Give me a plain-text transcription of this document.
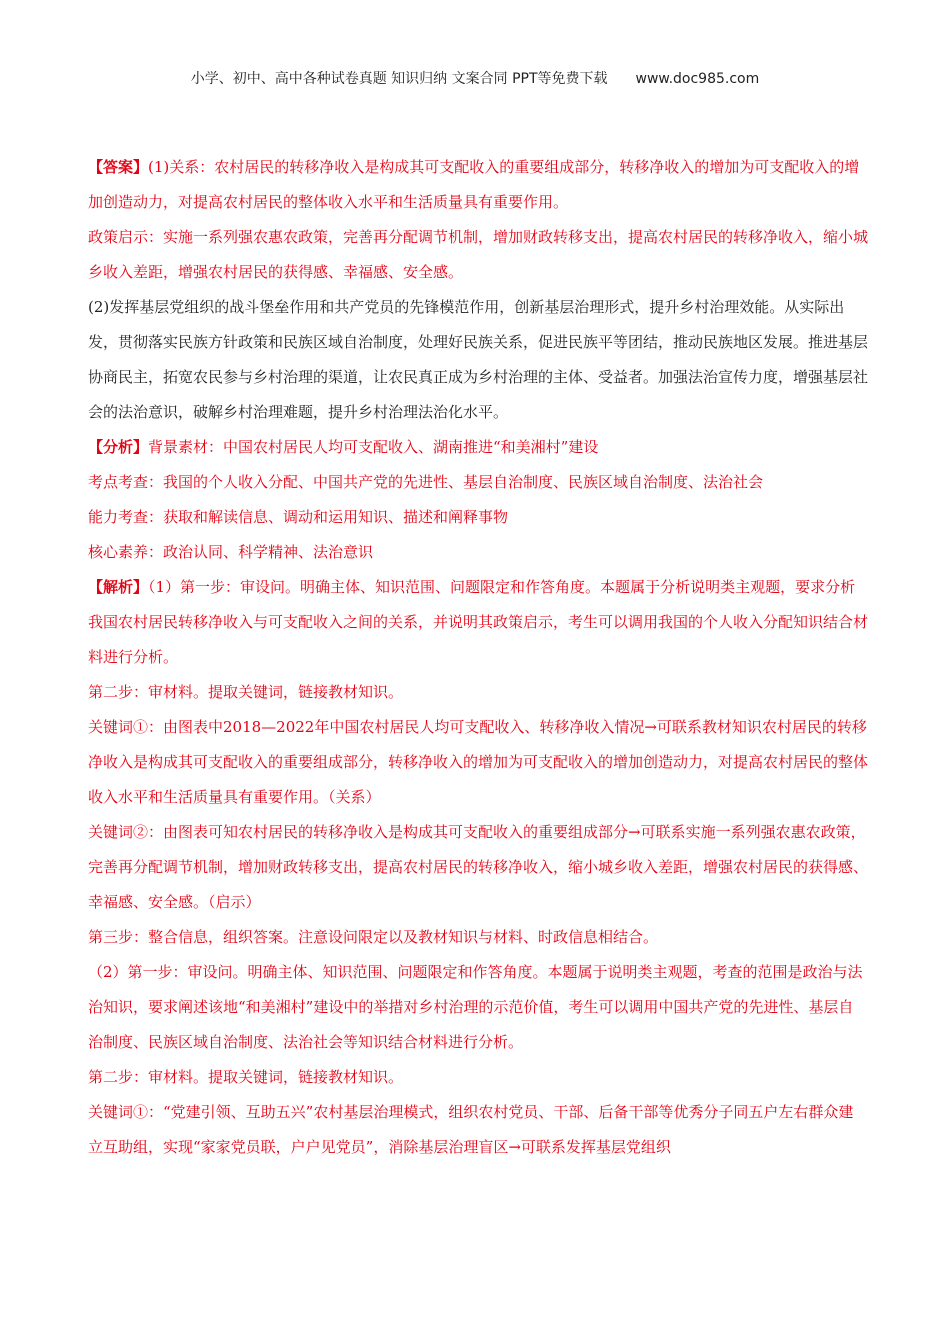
小学、初中、高中各种试卷真题 知识归纳 文案合同 PPT等免费下载 www.doc985.com

【答案】(1)关系：农村居民的转移净收入是构成其可支配收入的重要组成部分，转移净收入的增加为可支配收入的增加创造动力，对提高农村居民的整体收入水平和生活质量具有重要作用。

政策启示：实施一系列强农惠农政策，完善再分配调节机制，增加财政转移支出，提高农村居民的转移净收入，缩小城乡收入差距，增强农村居民的获得感、幸福感、安全感。

(2)发挥基层党组织的战斗堡垒作用和共产党员的先锋模范作用，创新基层治理形式，提升乡村治理效能。从实际出发，贯彻落实民族方针政策和民族区域自治制度，处理好民族关系，促进民族平等团结，推动民族地区发展。推进基层协商民主，拓宽农民参与乡村治理的渠道，让农民真正成为乡村治理的主体、受益者。加强法治宣传力度，增强基层社会的法治意识，破解乡村治理难题，提升乡村治理法治化水平。

【分析】背景素材：中国农村居民人均可支配收入、湖南推进“和美湘村”建设

考点考查：我国的个人收入分配、中国共产党的先进性、基层自治制度、民族区域自治制度、法治社会

能力考查：获取和解读信息、调动和运用知识、描述和阐释事物

核心素养：政治认同、科学精神、法治意识

【解析】（1）第一步：审设问。明确主体、知识范围、问题限定和作答角度。本题属于分析说明类主观题，要求分析我国农村居民转移净收入与可支配收入之间的关系，并说明其政策启示，考生可以调用我国的个人收入分配知识结合材料进行分析。

第二步：审材料。提取关键词，链接教材知识。

关键词①：由图表中2018—2022年中国农村居民人均可支配收入、转移净收入情况→可联系教材知识农村居民的转移净收入是构成其可支配收入的重要组成部分，转移净收入的增加为可支配收入的增加创造动力，对提高农村居民的整体收入水平和生活质量具有重要作用。（关系）

关键词②：由图表可知农村居民的转移净收入是构成其可支配收入的重要组成部分→可联系实施一系列强农惠农政策，完善再分配调节机制，增加财政转移支出，提高农村居民的转移净收入，缩小城乡收入差距，增强农村居民的获得感、幸福感、安全感。（启示）

第三步：整合信息，组织答案。注意设问限定以及教材知识与材料、时政信息相结合。

（2）第一步：审设问。明确主体、知识范围、问题限定和作答角度。本题属于说明类主观题，考查的范围是政治与法治知识，要求阐述该地“和美湘村”建设中的举措对乡村治理的示范价值，考生可以调用中国共产党的先进性、基层自治制度、民族区域自治制度、法治社会等知识结合材料进行分析。

第二步：审材料。提取关键词，链接教材知识。

关键词①：“党建引领、互助五兴”农村基层治理模式，组织农村党员、干部、后备干部等优秀分子同五户左右群众建立互助组，实现“家家党员联，户户见党员”，消除基层治理盲区→可联系发挥基层党组织
